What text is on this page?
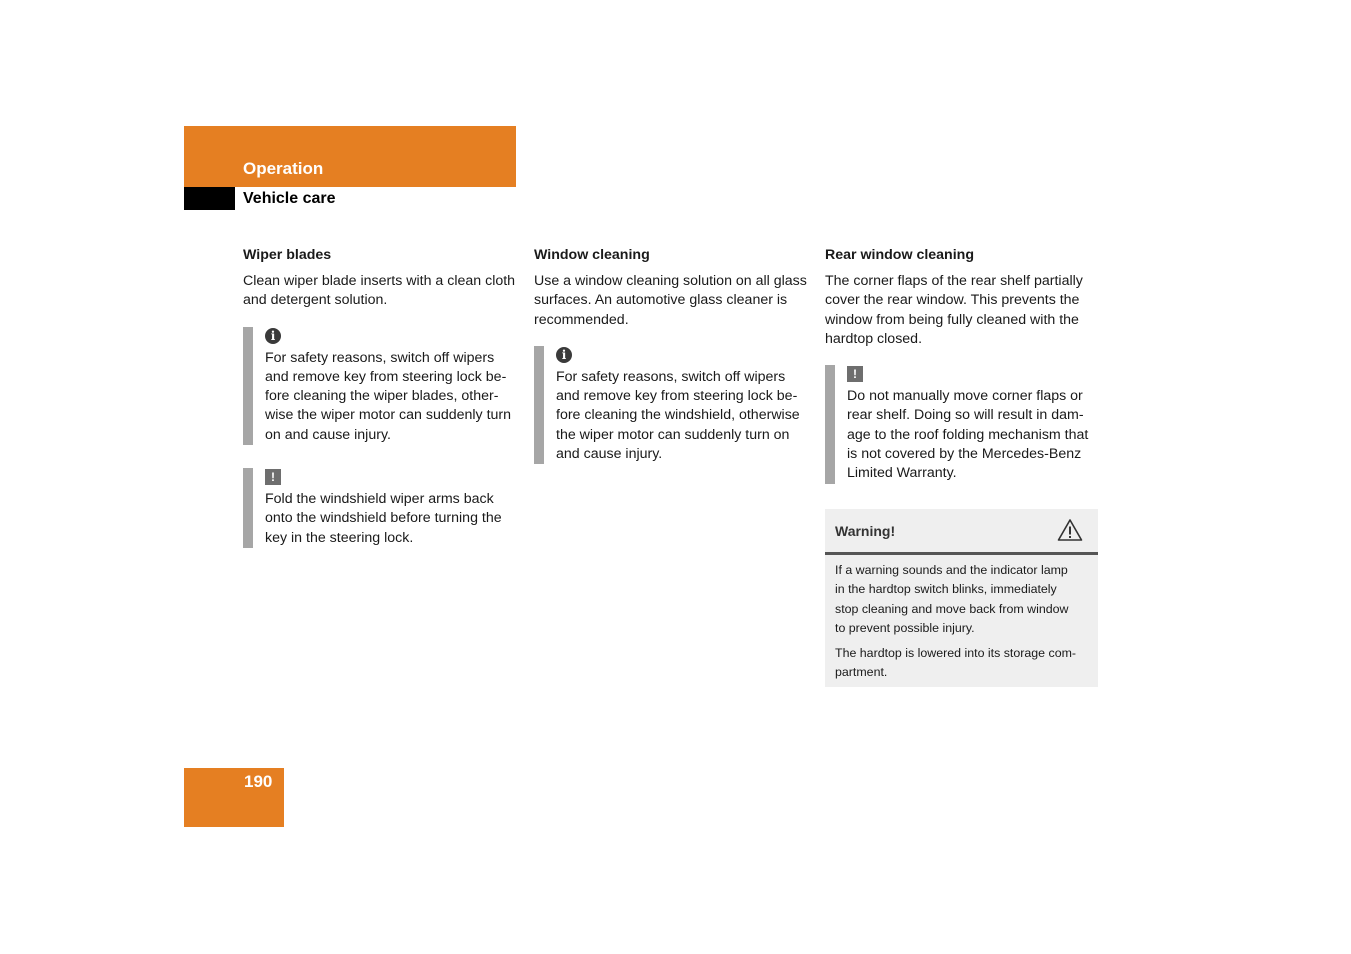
Operation
Vehicle care
Wiper blades

Clean wiper blade inserts with a clean cloth and detergent solution.

i
For safety reasons, switch off wipers
and remove key from steering lock be-
fore cleaning the wiper blades, other-
wise the wiper motor can suddenly turn
on and cause injury.
!
Fold the windshield wiper arms back
onto the windshield before turning the
key in the steering lock.
Window cleaning
Use a window cleaning solution on all glass
surfaces. An automotive glass cleaner is
recommended.
i
For safety reasons, switch off wipers
and remove key from steering lock be-
fore cleaning the windshield, otherwise
the wiper motor can suddenly turn on
and cause injury.
Rear window cleaning
The corner flaps of the rear shelf partially
cover the rear window. This prevents the
window from being fully cleaned with the
hardtop closed.
!
Do not manually move corner flaps or
rear shelf. Doing so will result in dam-
age to the roof folding mechanism that
is not covered by the Mercedes-Benz
Limited Warranty.
Warning!

If a warning sounds and the indicator lamp
in the hardtop switch blinks, immediately
stop cleaning and move back from window
to prevent possible injury.

The hardtop is lowered into its storage com-
partment.

190
